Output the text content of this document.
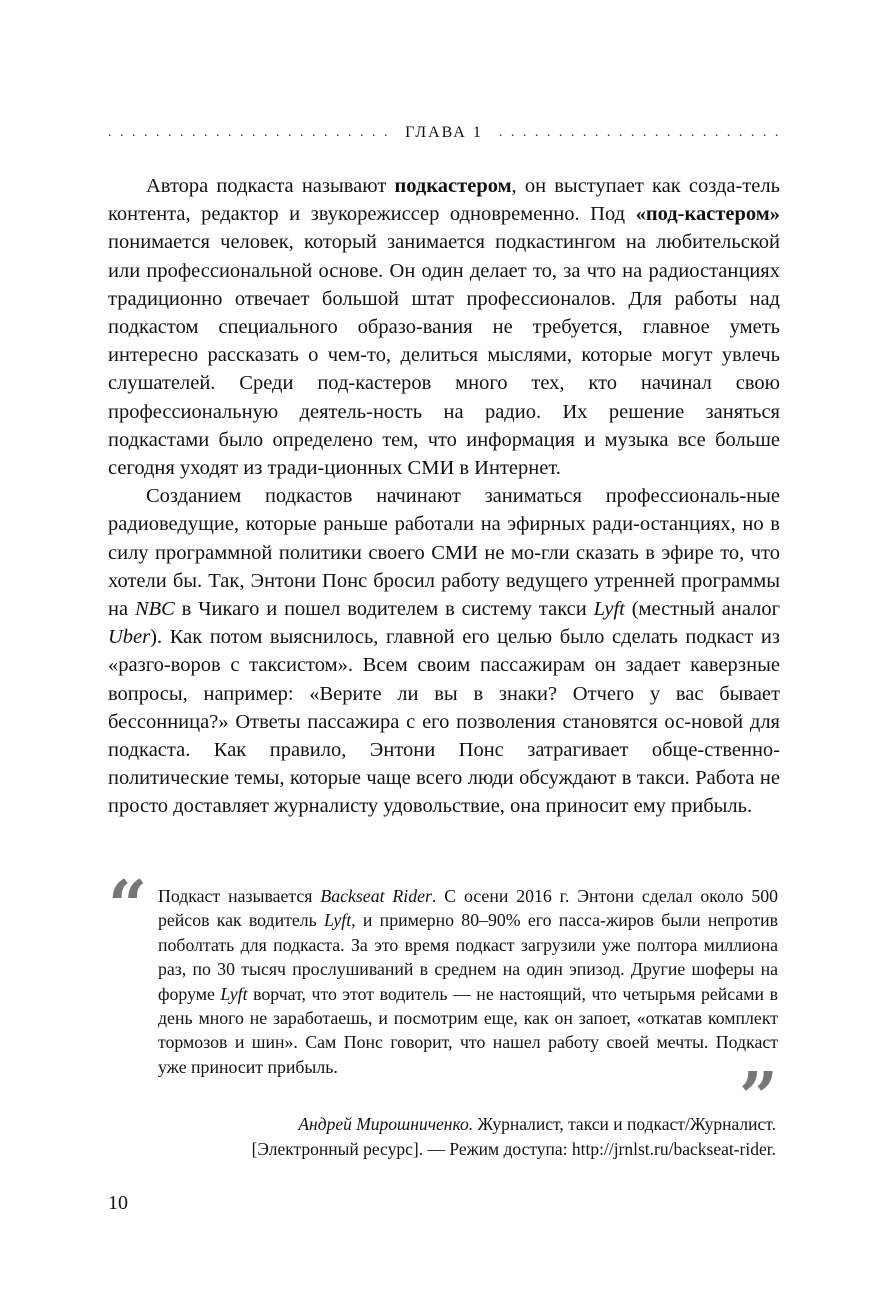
. . .
ГЛАВА 1
. . .

Автора подкаста называют подкастером, он выступает как созда-тель контента, редактор и звукорежиссер одновременно. Под «под-кастером» понимается человек, который занимается подкастингом на любительской или профессиональной основе. Он один делает то, за что на радиостанциях традиционно отвечает большой штат профессионалов. Для работы над подкастом специального образо-вания не требуется, главное уметь интересно рассказать о чем-то, делиться мыслями, которые могут увлечь слушателей. Среди под-кастеров много тех, кто начинал свою профессиональную деятель-ность на радио. Их решение заняться подкастами было определено тем, что информация и музыка все больше сегодня уходят из тради-ционных СМИ в Интернет.

Созданием подкастов начинают заниматься профессиональ-ные радиоведущие, которые раньше работали на эфирных ради-останциях, но в силу программной политики своего СМИ не мо-гли сказать в эфире то, что хотели бы. Так, Энтони Понс бросил работу ведущего утренней программы на NBC в Чикаго и пошел водителем в систему такси Lyft (местный аналог Uber). Как потом выяснилось, главной его целью было сделать подкаст из «разго-воров с таксистом». Всем своим пассажирам он задает каверзные вопросы, например: «Верите ли вы в знаки? Отчего у вас бывает бессонница?» Ответы пассажира с его позволения становятся ос-новой для подкаста. Как правило, Энтони Понс затрагивает обще-ственно-политические темы, которые чаще всего люди обсуждают в такси. Работа не просто доставляет журналисту удовольствие, она приносит ему прибыль.

“ Подкаст называется Backseat Rider. С осени 2016 г. Энтони сделал около 500 рейсов как водитель Lyft, и примерно 80–90% его пасса-жиров были непротив поболтать для подкаста. За это время подкаст загрузили уже полтора миллиона раз, по 30 тысяч прослушиваний в среднем на один эпизод. Другие шоферы на форуме Lyft ворчат, что этот водитель — не настоящий, что четырьмя рейсами в день много не заработаешь, и посмотрим еще, как он запоет, «откатав комплект тормозов и шин». Сам Понс говорит, что нашел работу своей мечты. Подкаст уже приносит прибыль.	”
Андрей Мирошниченко. Журналист, такси и подкаст/Журналист.
[Электронный ресурс]. — Режим доступа: http://jrnlst.ru/backseat-rider.
10
